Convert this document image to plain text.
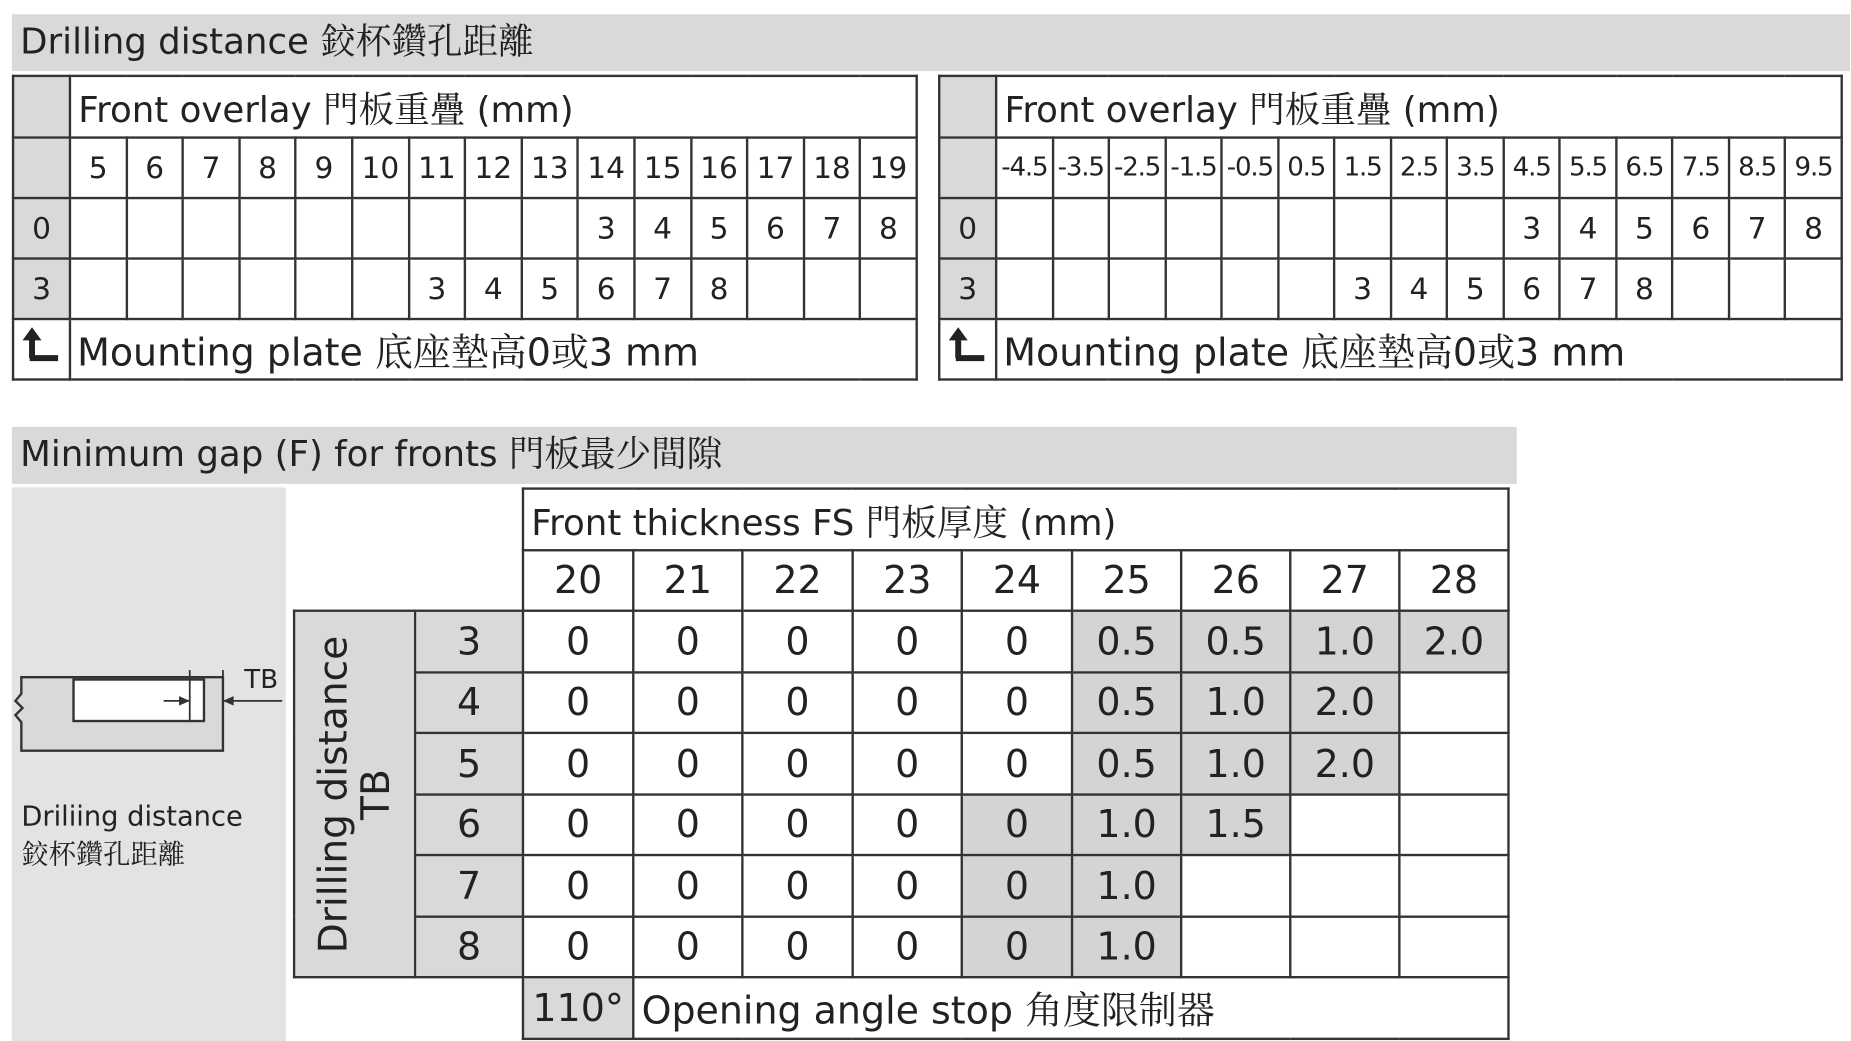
Drilling distance 鉸杯鑽孔距離
	Front overlay 門板重疊 (mm)														
	5	6	7	8	9	10	11	12	13	14	15	16	17	18	19
0										3	4	5	6	7	8
3							3	4	5	6	7	8			
	Mounting plate 底座墊高0或3 mm														
	Front overlay 門板重疊 (mm)														
	-4.5	-3.5	-2.5	-1.5	-0.5	0.5	1.5	2.5	3.5	4.5	5.5	6.5	7.5	8.5	9.5
0										3	4	5	6	7	8
3							3	4	5	6	7	8			
	Mounting plate 底座墊高0或3 mm														
Minimum gap (F) for fronts 門板最少間隙
TB
Driliing distance
鉸杯鑽孔距離
		Front thickness FS 門板厚度 (mm)								
		20	21	22	23	24	25	26	27	28

Drilling distance
TB	3	0	0	0	0	0	0.5	0.5	1.0	2.0
	4	0	0	0	0	0	0.5	1.0	2.0	
	5	0	0	0	0	0	0.5	1.0	2.0	
	6	0	0	0	0	0	1.0	1.5		
	7	0	0	0	0	0	1.0			
	8	0	0	0	0	0	1.0			
		110°	Opening angle stop 角度限制器							
